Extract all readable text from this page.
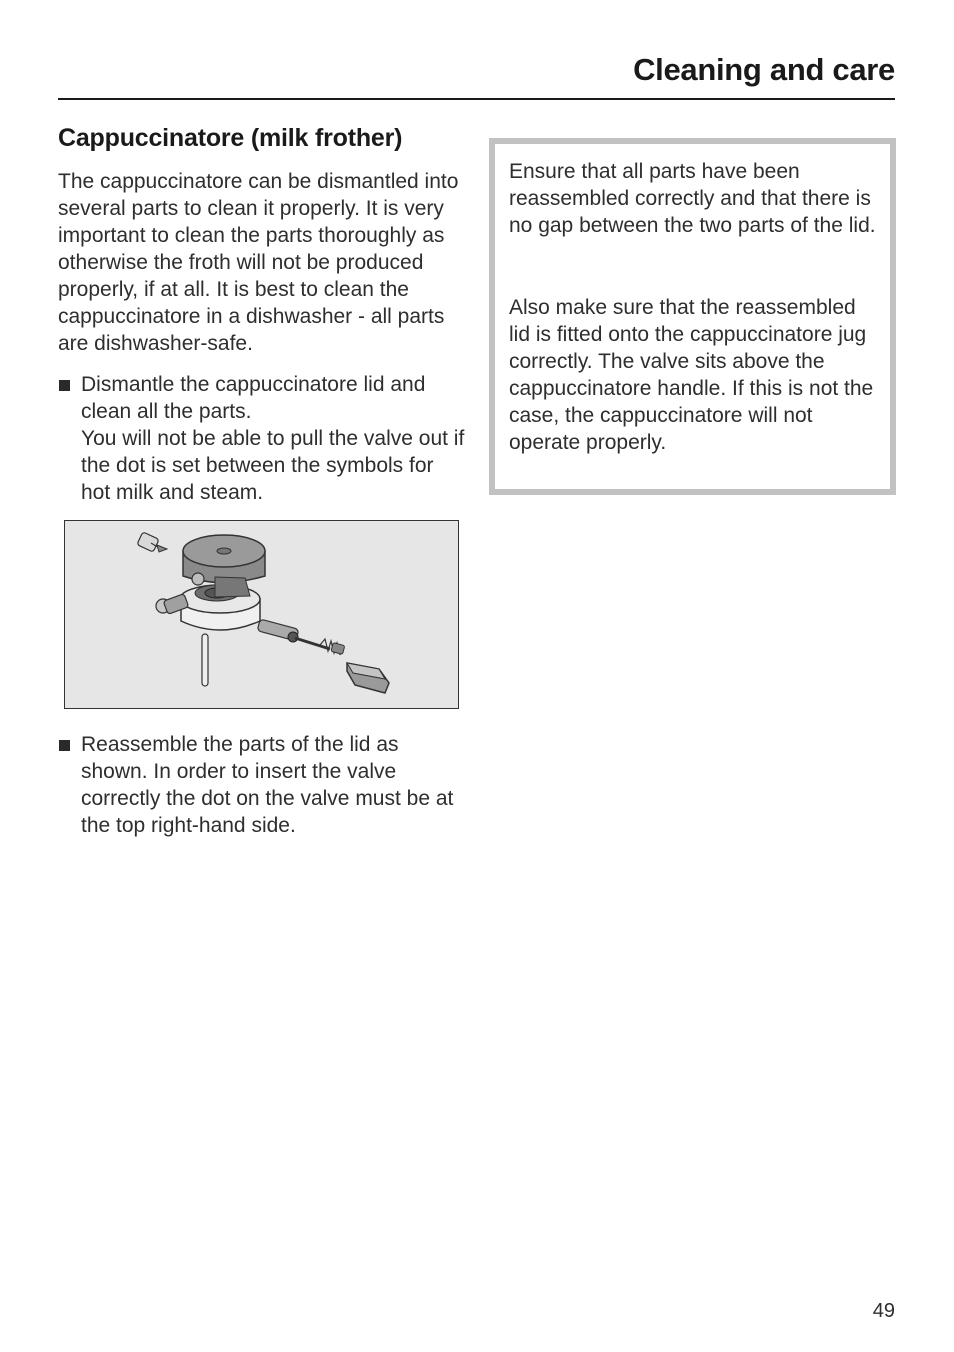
Cleaning and care
Cappuccinatore (milk frother)

The cappuccinatore can be dismantled into several parts to clean it properly. It is very important to clean the parts thoroughly as otherwise the froth will not be produced properly, if at all. It is best to clean the cappuccinatore in a dishwasher - all parts are dishwasher-safe.

Dismantle the cappuccinatore lid and clean all the parts.

You will not be able to pull the valve out if the dot is set between the symbols for hot milk and steam.

Reassemble the parts of the lid as shown. In order to insert the valve correctly the dot on the valve must be at the top right-hand side.

Ensure that all parts have been reassembled correctly and that there is no gap between the two parts of the lid.

Also make sure that the reassembled lid is fitted onto the cappuccinatore jug correctly. The valve sits above the cappuccinatore handle. If this is not the case, the cappuccinatore will not operate properly.

49
